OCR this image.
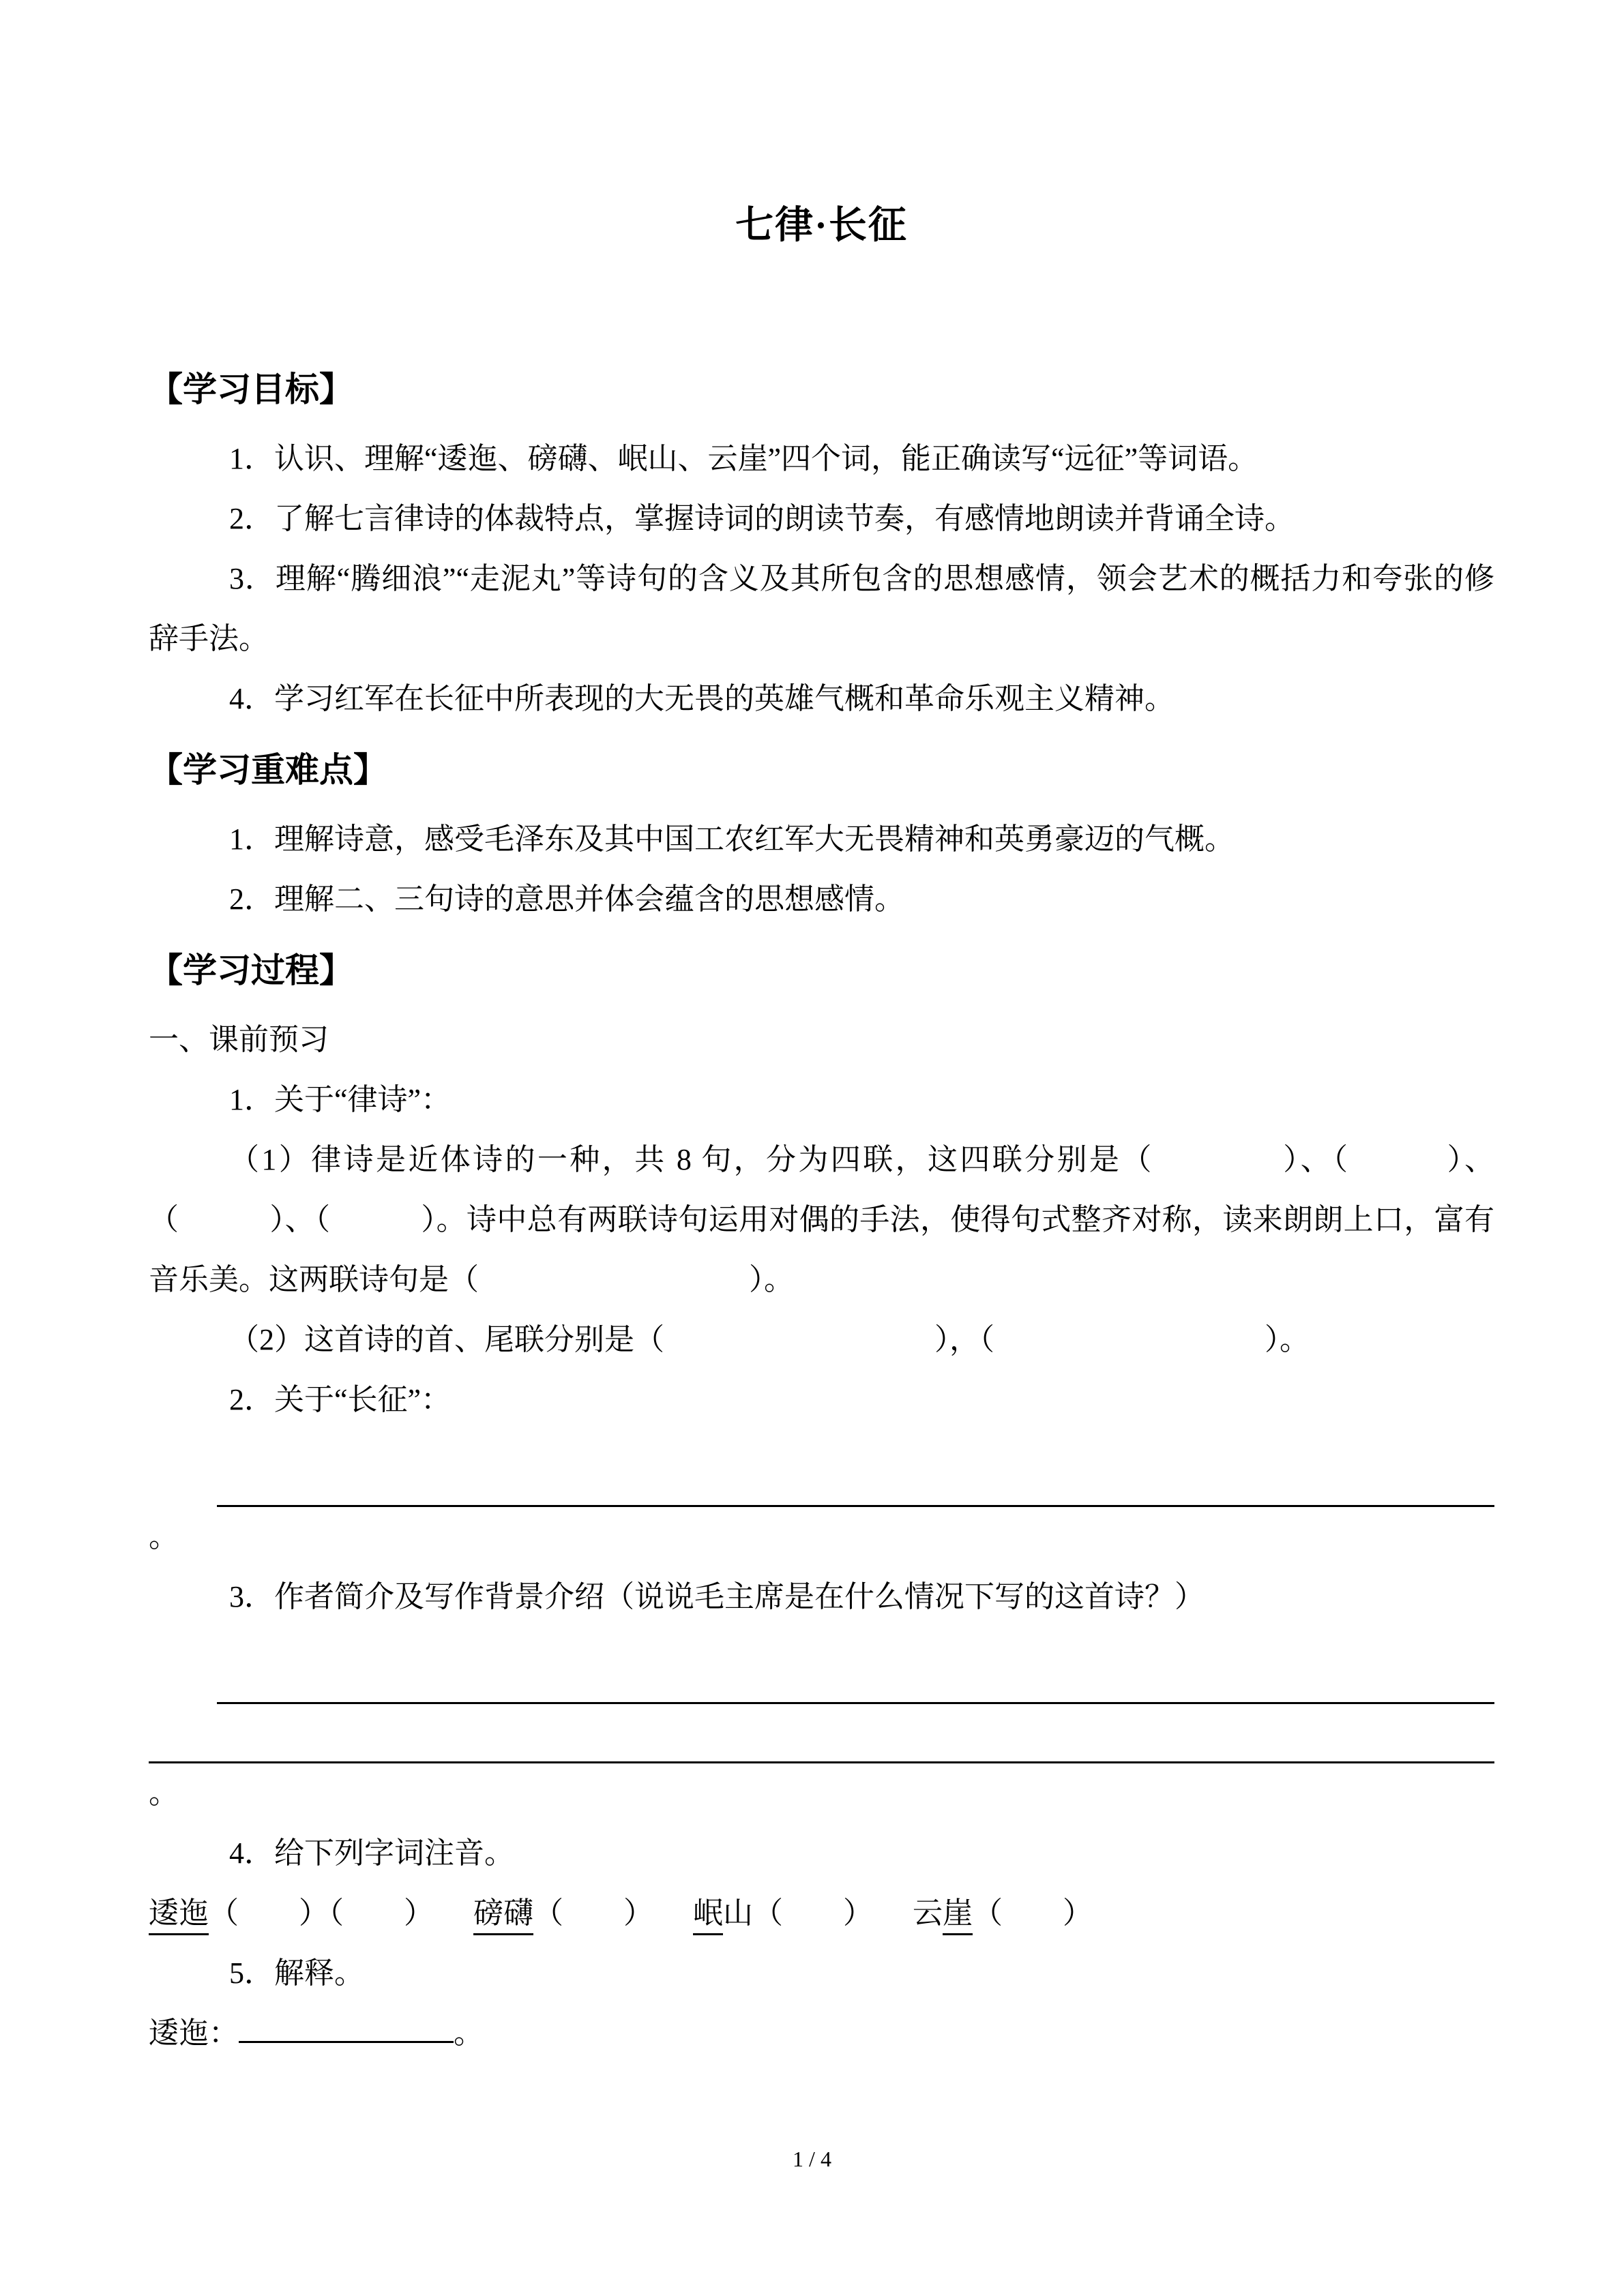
七律·长征
【学习目标】

1．认识、理解“逶迤、磅礴、岷山、云崖”四个词，能正确读写“远征”等词语。

2．了解七言律诗的体裁特点，掌握诗词的朗读节奏，有感情地朗读并背诵全诗。

3．理解“腾细浪”“走泥丸”等诗句的含义及其所包含的思想感情，领会艺术的概括力和夸张的修辞手法。

4．学习红军在长征中所表现的大无畏的英雄气概和革命乐观主义精神。

【学习重难点】

1．理解诗意，感受毛泽东及其中国工农红军大无畏精神和英勇豪迈的气概。

2．理解二、三句诗的意思并体会蕴含的思想感情。

【学习过程】

一、课前预习

1．关于“律诗”：

（1）律诗是近体诗的一种，共 8 句，分为四联，这四联分别是（　　　　）、（　　　）、（　　　）、（　　　）。诗中总有两联诗句运用对偶的手法，使得句式整齐对称，读来朗朗上口，富有音乐美。这两联诗句是（　　　　　　　　　）。

（2）这首诗的首、尾联分别是（　　　　　　　　　），（　　　　　　　　　）。

2．关于“长征”：

。

3．作者简介及写作背景介绍（说说毛主席是在什么情况下写的这首诗？）

。

4．给下列字词注音。

逶迤（　　）（　　） 磅礴（　　） 岷山（　　） 云崖（　　）

5．解释。

逶迤：	。

1 / 4
